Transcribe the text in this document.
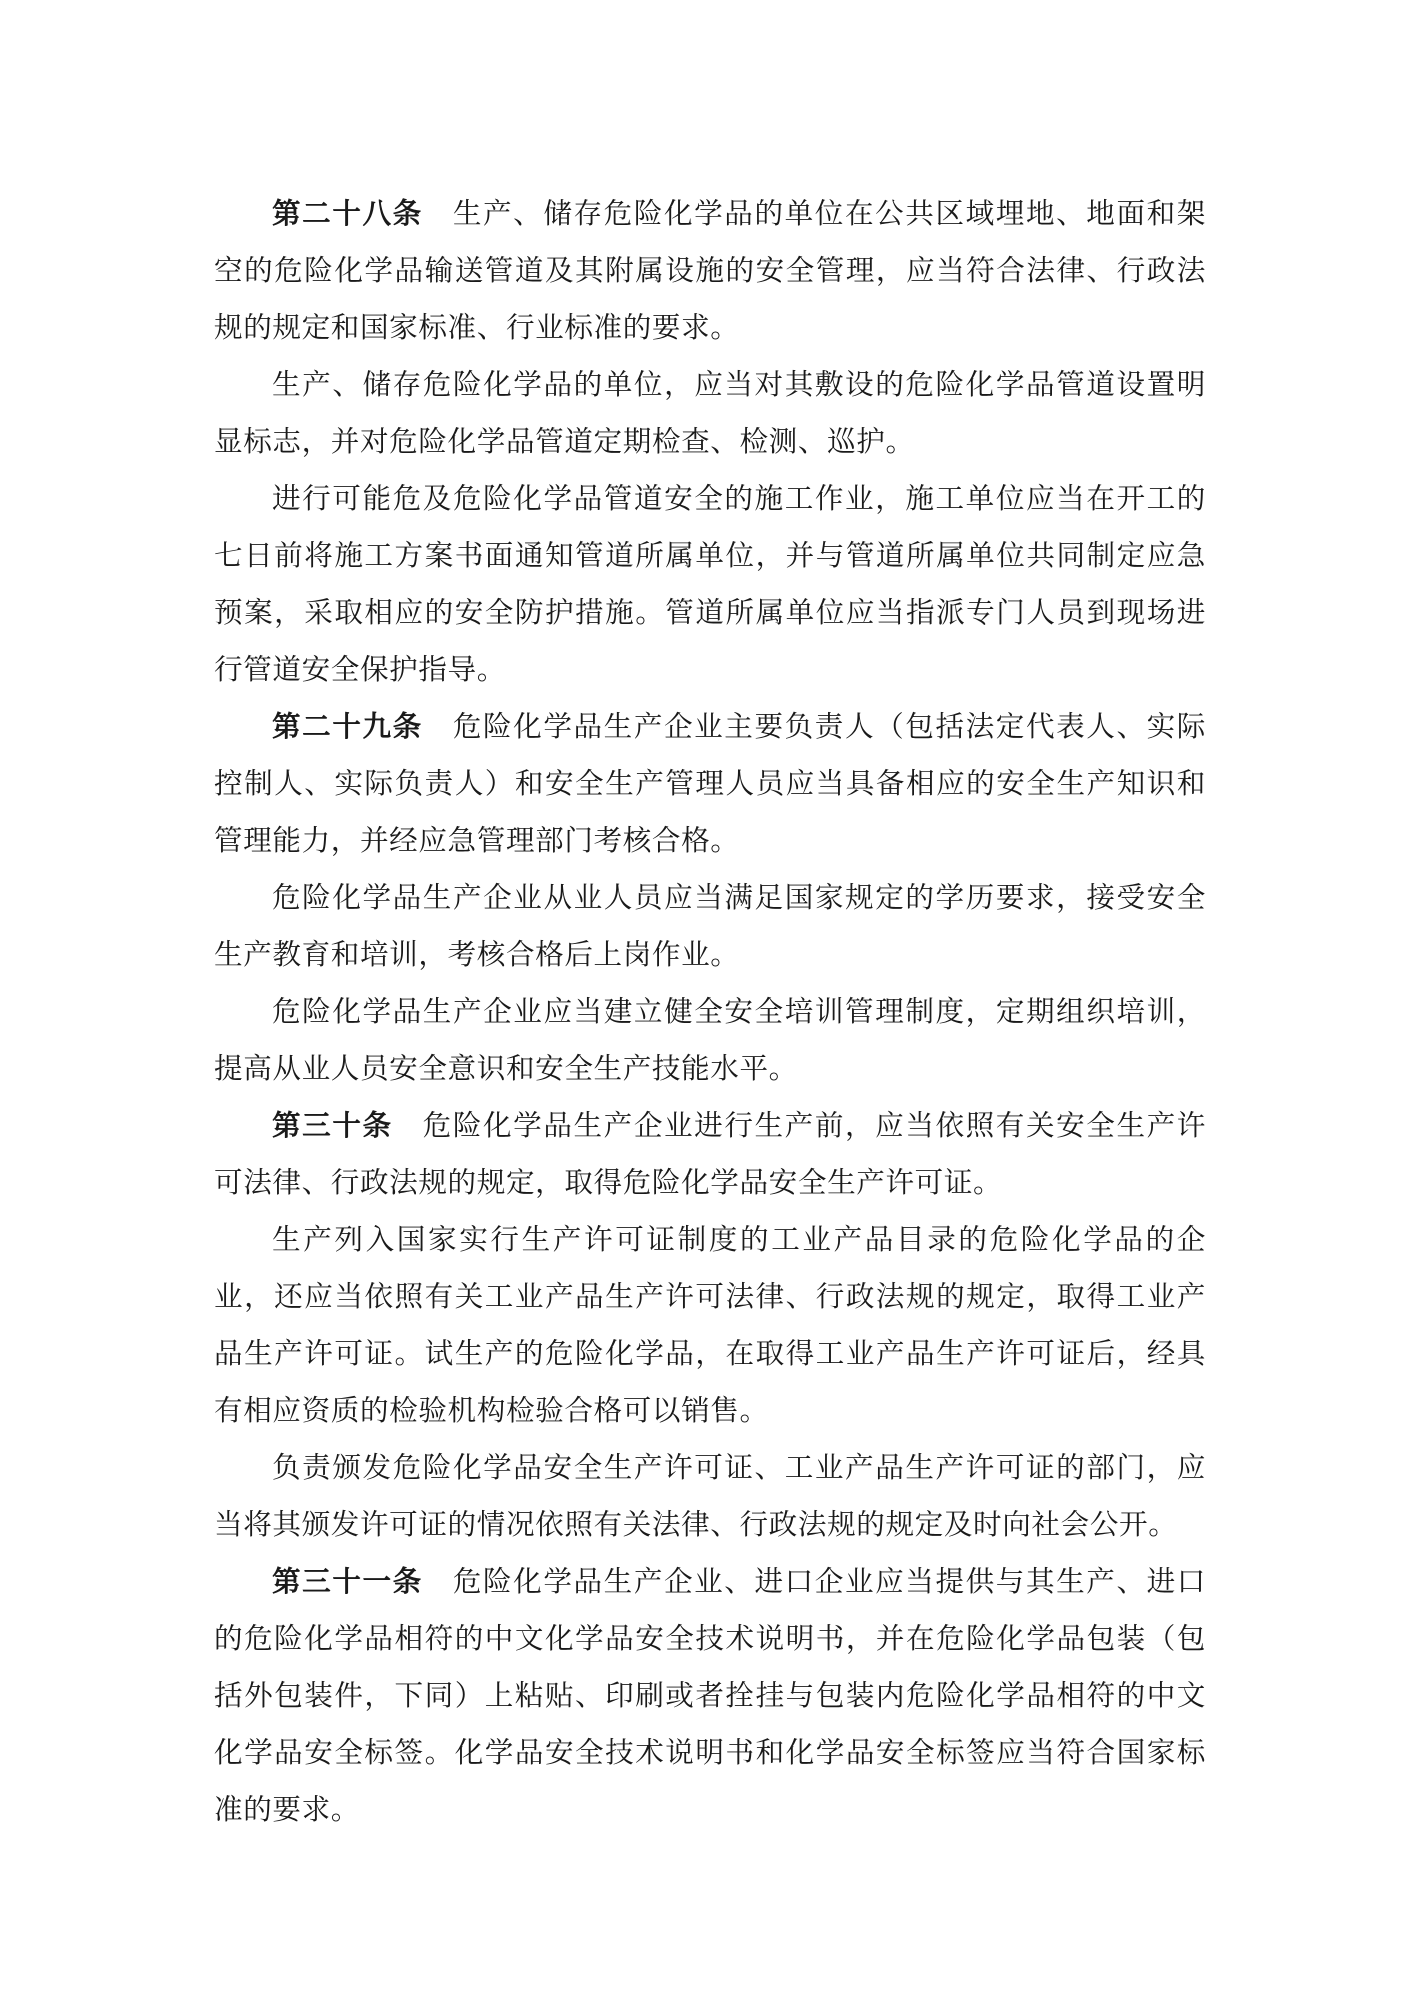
第二十八条 生产、储存危险化学品的单位在公共区域埋地、地面和架空的危险化学品输送管道及其附属设施的安全管理，应当符合法律、行政法规的规定和国家标准、行业标准的要求。

生产、储存危险化学品的单位，应当对其敷设的危险化学品管道设置明显标志，并对危险化学品管道定期检查、检测、巡护。

进行可能危及危险化学品管道安全的施工作业，施工单位应当在开工的七日前将施工方案书面通知管道所属单位，并与管道所属单位共同制定应急预案，采取相应的安全防护措施。管道所属单位应当指派专门人员到现场进行管道安全保护指导。

第二十九条 危险化学品生产企业主要负责人（包括法定代表人、实际控制人、实际负责人）和安全生产管理人员应当具备相应的安全生产知识和管理能力，并经应急管理部门考核合格。

危险化学品生产企业从业人员应当满足国家规定的学历要求，接受安全生产教育和培训，考核合格后上岗作业。

危险化学品生产企业应当建立健全安全培训管理制度，定期组织培训，提高从业人员安全意识和安全生产技能水平。

第三十条 危险化学品生产企业进行生产前，应当依照有关安全生产许可法律、行政法规的规定，取得危险化学品安全生产许可证。

生产列入国家实行生产许可证制度的工业产品目录的危险化学品的企业，还应当依照有关工业产品生产许可法律、行政法规的规定，取得工业产品生产许可证。试生产的危险化学品，在取得工业产品生产许可证后，经具有相应资质的检验机构检验合格可以销售。

负责颁发危险化学品安全生产许可证、工业产品生产许可证的部门，应当将其颁发许可证的情况依照有关法律、行政法规的规定及时向社会公开。

第三十一条 危险化学品生产企业、进口企业应当提供与其生产、进口的危险化学品相符的中文化学品安全技术说明书，并在危险化学品包装（包括外包装件，下同）上粘贴、印刷或者拴挂与包装内危险化学品相符的中文化学品安全标签。化学品安全技术说明书和化学品安全标签应当符合国家标准的要求。
